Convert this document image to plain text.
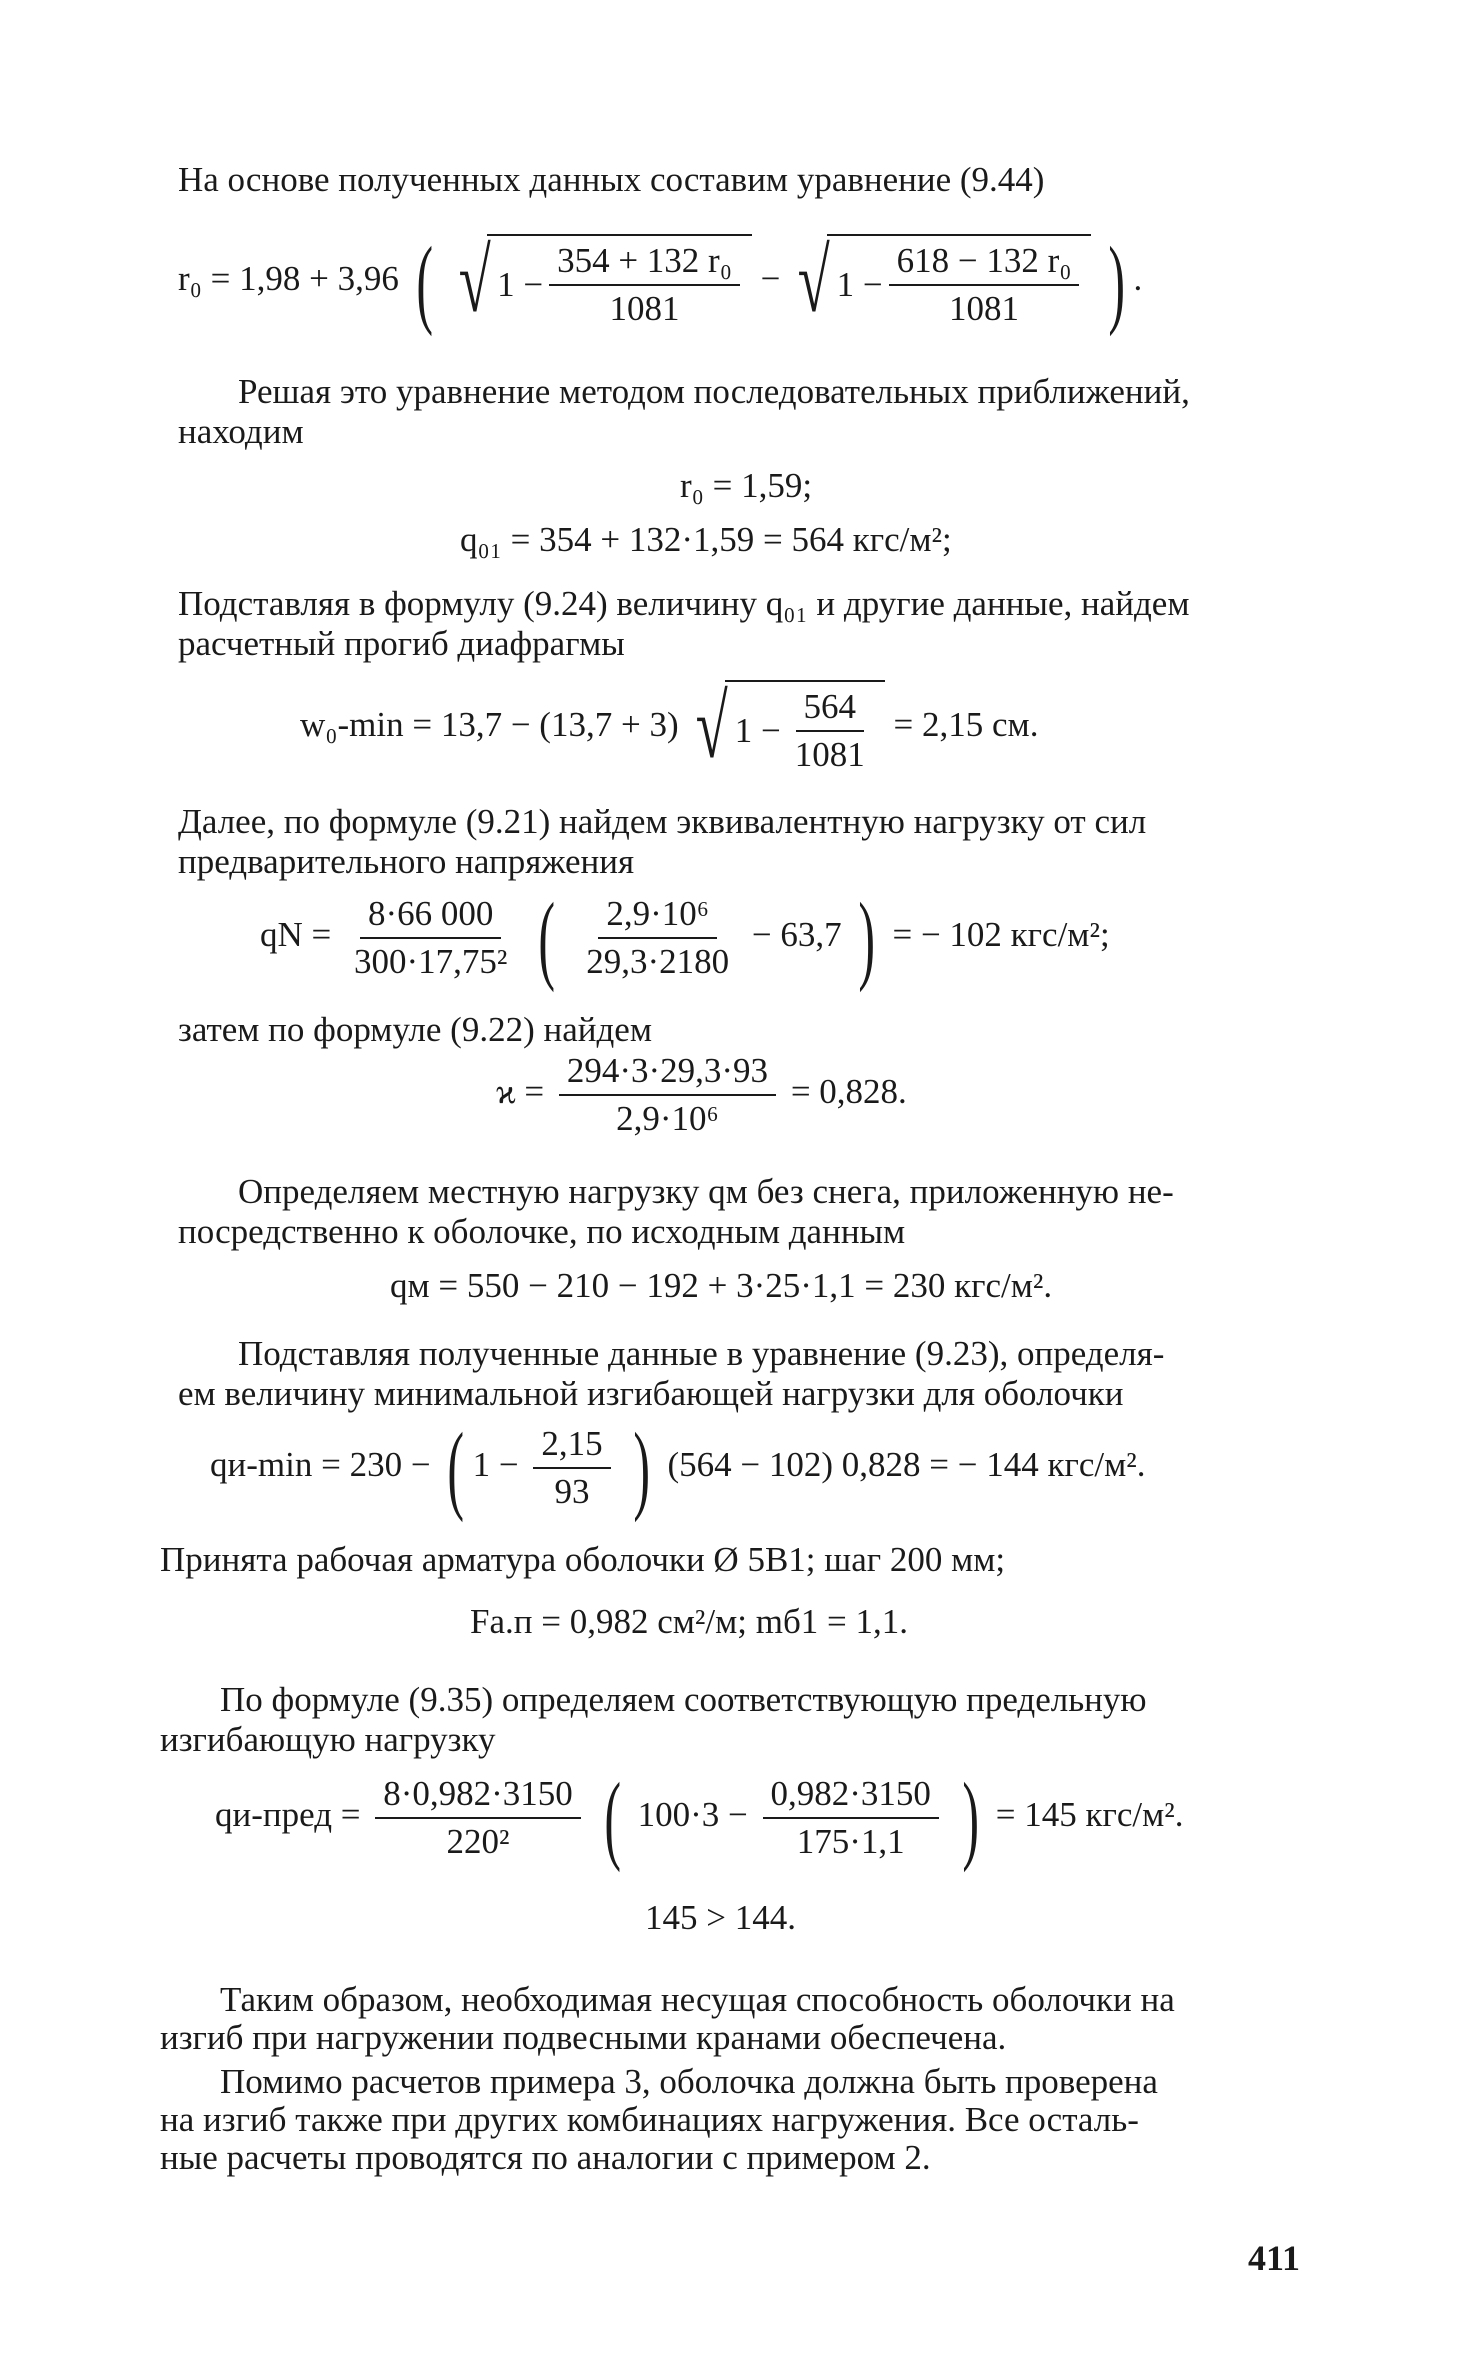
На основе полученных данных составим уравнение (9.44)
r₀ = 1,98 + 3,96 ( √ $1 - \frac{\text{354 + 132 r₀}}{1081}$ − √ $1 - \frac{\text{618 − 132 r₀}}{1081}$ ) .
Решая это уравнение методом последовательных приближений,
находим
r₀ = 1,59;
q₀₁ = 354 + 132·1,59 = 564 кгс/м²;
Подставляя в формулу (9.24) величину q₀₁ и другие данные, найдем
расчетный прогиб диафрагмы
w₀-min = 13,7 − (13,7 + 3) √ $1 - \frac{564}{1081} = 2,15$ см.
Далее, по формуле (9.21) найдем эквивалентную нагрузку от сил
предварительного напряжения
qN = $\frac{8\cdot 66 000}{\text{300·17,75²}}$ ( $\frac{\text{2,9·10⁶}}{29,3\cdot 2180} - 63,7$ ) = − 102 кгс/м²;
затем по формуле (9.22) найдем
$ϰ = \frac{294\cdot 3\cdot 29,3\cdot 93}{\text{2,9·10⁶}} = 0,828$.
Определяем местную нагрузку qм без снега, приложенную не-
посредственно к оболочке, по исходным данным
qм = 550 − 210 − 192 + 3·25·1,1 = 230 кгс/м².
Подставляя полученные данные в уравнение (9.23), определя-
ем величину минимальной изгибающей нагрузки для оболочки
qи-min = 230 − ( $1 - \frac{2,15}{93}$ ) (564 − 102) 0,828 = − 144 кгс/м².
Принята рабочая арматура оболочки Ø 5В1; шаг 200 мм;
Fа.п = 0,982 см²/м; mб1 = 1,1.
По формуле (9.35) определяем соответствующую предельную
изгибающую нагрузку
qи-пред = $\frac{8\cdot 0,982\cdot 3150}{\text{220²}}$ ( $100\cdot 3 - \frac{0,982\cdot 3150}{175\cdot 1,1}$ ) = 145 кгс/м².
145 > 144.
Таким образом, необходимая несущая способность оболочки на
изгиб при нагружении подвесными кранами обеспечена.
Помимо расчетов примера 3, оболочка должна быть проверена
на изгиб также при других комбинациях нагружения. Все осталь-
ные расчеты проводятся по аналогии с примером 2.
411
